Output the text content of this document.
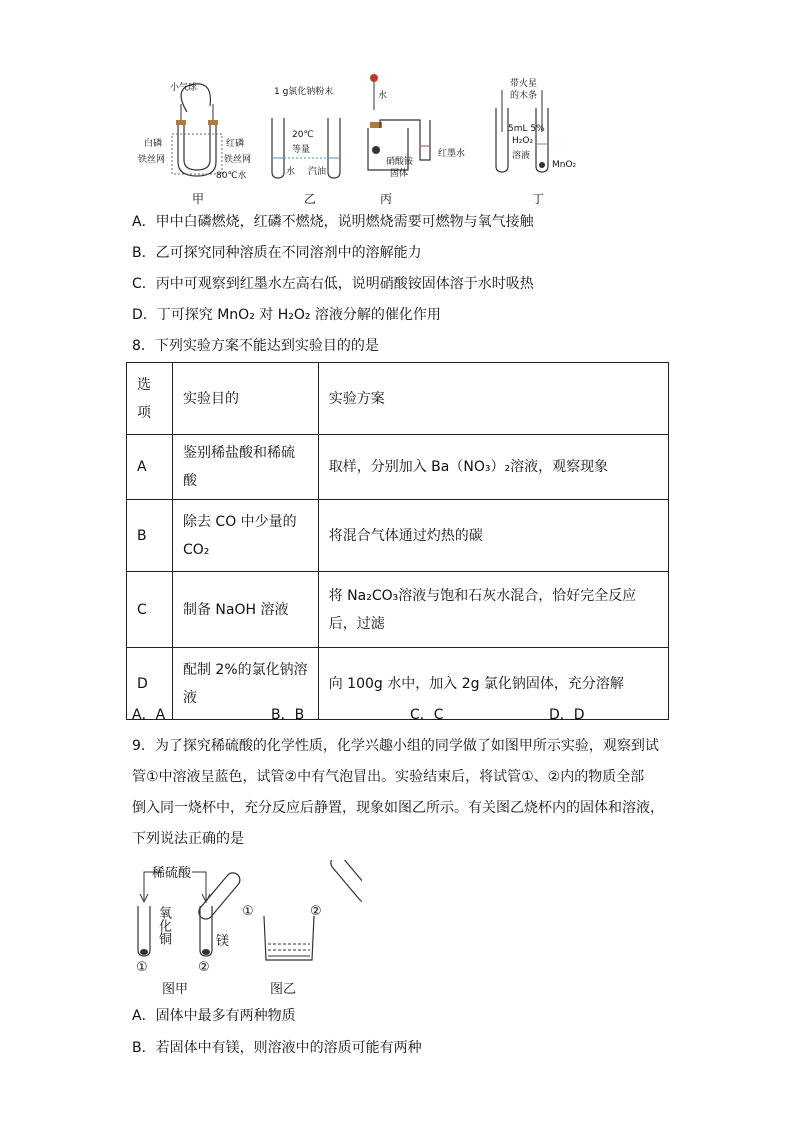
小气球
白磷	红磷
铁丝网	铁丝网
80℃水
甲
1 g氯化钠粉末
20℃
等量
水 汽油
乙
水
红墨水
硝酸铵
固体
丙
带火星
的木条
5mL 5%
H₂O₂
溶液
MnO₂
丁
A．甲中白磷燃烧，红磷不燃烧，说明燃烧需要可燃物与氧气接触
B．乙可探究同种溶质在不同溶剂中的溶解能力
C．丙中可观察到红墨水左高右低，说明硝酸铵固体溶于水时吸热
D．丁可探究 MnO₂ 对 H₂O₂ 溶液分解的催化作用
8．下列实验方案不能达到实验目的的是
选项	实验目的	实验方案
A	鉴别稀盐酸和稀硫酸	取样，分别加入 Ba（NO₃）₂溶液，观察现象
B	除去 CO 中少量的 CO₂	将混合气体通过灼热的碳
C	制备 NaOH 溶液	将 Na₂CO₃溶液与饱和石灰水混合，恰好完全反应后，过滤
D	配制 2%的氯化钠溶液	向 100g 水中，加入 2g 氯化钠固体，充分溶解
A．A	B．B	C．C	D．D
9．为了探究稀硫酸的化学性质，化学兴趣小组的同学做了如图甲所示实验，观察到试
管①中溶液呈蓝色，试管②中有气泡冒出。实验结束后，将试管①、②内的物质全部
倒入同一烧杯中，充分反应后静置，现象如图乙所示。有关图乙烧杯内的固体和溶液，
下列说法正确的是
稀硫酸
氧化铜	镁
①	②
图甲
①	②
图乙
A．固体中最多有两种物质
B．若固体中有镁，则溶液中的溶质可能有两种
